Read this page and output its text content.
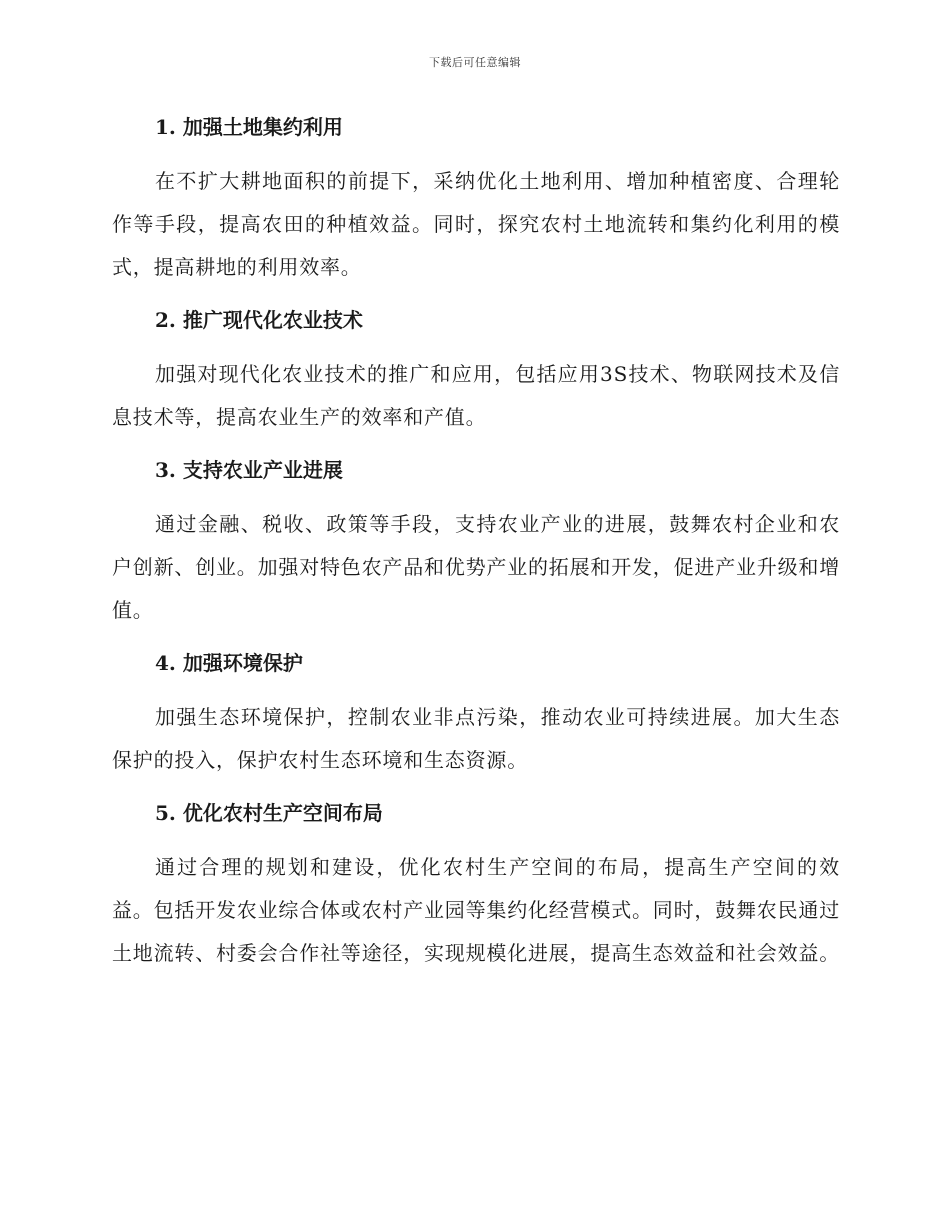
下载后可任意编辑

1. 加强土地集约利用

在不扩大耕地面积的前提下，采纳优化土地利用、增加种植密度、合理轮作等手段，提高农田的种植效益。同时，探究农村土地流转和集约化利用的模式，提高耕地的利用效率。

2. 推广现代化农业技术

加强对现代化农业技术的推广和应用，包括应用3S技术、物联网技术及信息技术等，提高农业生产的效率和产值。

3. 支持农业产业进展

通过金融、税收、政策等手段，支持农业产业的进展，鼓舞农村企业和农户创新、创业。加强对特色农产品和优势产业的拓展和开发，促进产业升级和增值。

4. 加强环境保护

加强生态环境保护，控制农业非点污染，推动农业可持续进展。加大生态保护的投入，保护农村生态环境和生态资源。

5. 优化农村生产空间布局

通过合理的规划和建设，优化农村生产空间的布局，提高生产空间的效益。包括开发农业综合体或农村产业园等集约化经营模式。同时，鼓舞农民通过土地流转、村委会合作社等途径，实现规模化进展，提高生态效益和社会效益。
